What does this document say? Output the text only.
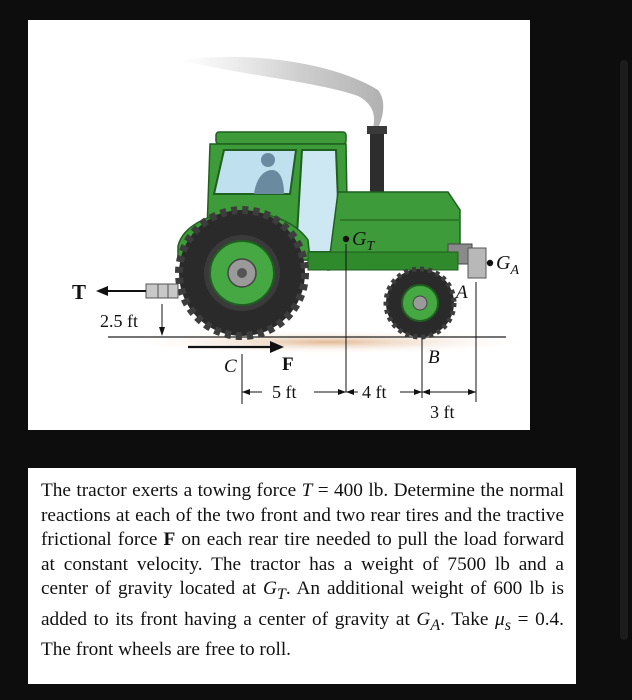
$G_T$
T
2.5 ft
F
C	B
A
$G_A$
5 ft	4 ft
3 ft

The tractor exerts a towing force T = 400 lb. Determine the normal reactions at each of the two front and two rear tires and the tractive frictional force F on each rear tire needed to pull the load forward at constant velocity. The tractor has a weight of 7500 lb and a center of gravity located at $G_T$. An additional weight of 600 lb is added to its front having a center of gravity at $G_A$. Take $\mu_s = 0.4$. The front wheels are free to roll.
